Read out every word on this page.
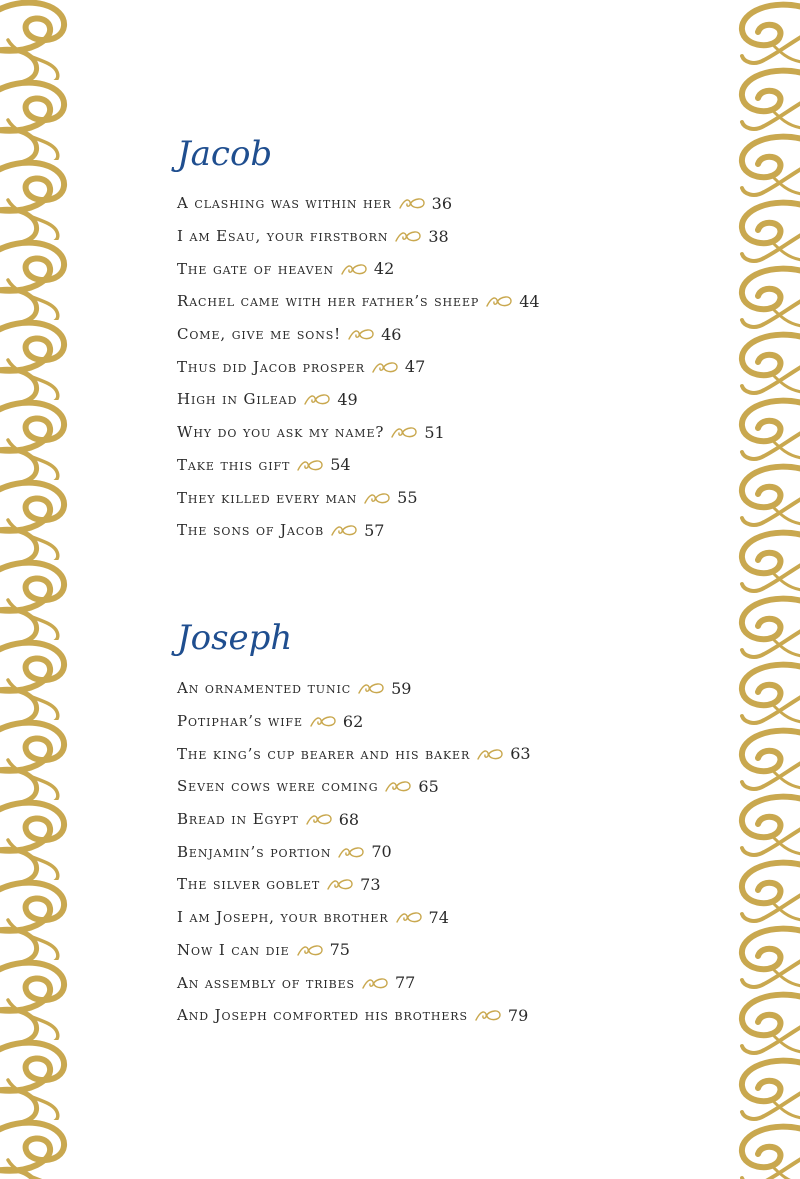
Jacob
A clashing was within her	36
I am Esau, your firstborn	38
The gate of heaven	42
Rachel came with her father’s sheep	44
Come, give me sons!	46
Thus did Jacob prosper	47
High in Gilead	49
Why do you ask my name?	51
Take this gift	54
They killed every man	55
The sons of Jacob	57
Joseph
An ornamented tunic	59
Potiphar’s wife	62
The king’s cup bearer and his baker	63
Seven cows were coming	65
Bread in Egypt	68
Benjamin’s portion	70
The silver goblet	73
I am Joseph, your brother	74
Now I can die	75
An assembly of tribes	77
And Joseph comforted his brothers	79
